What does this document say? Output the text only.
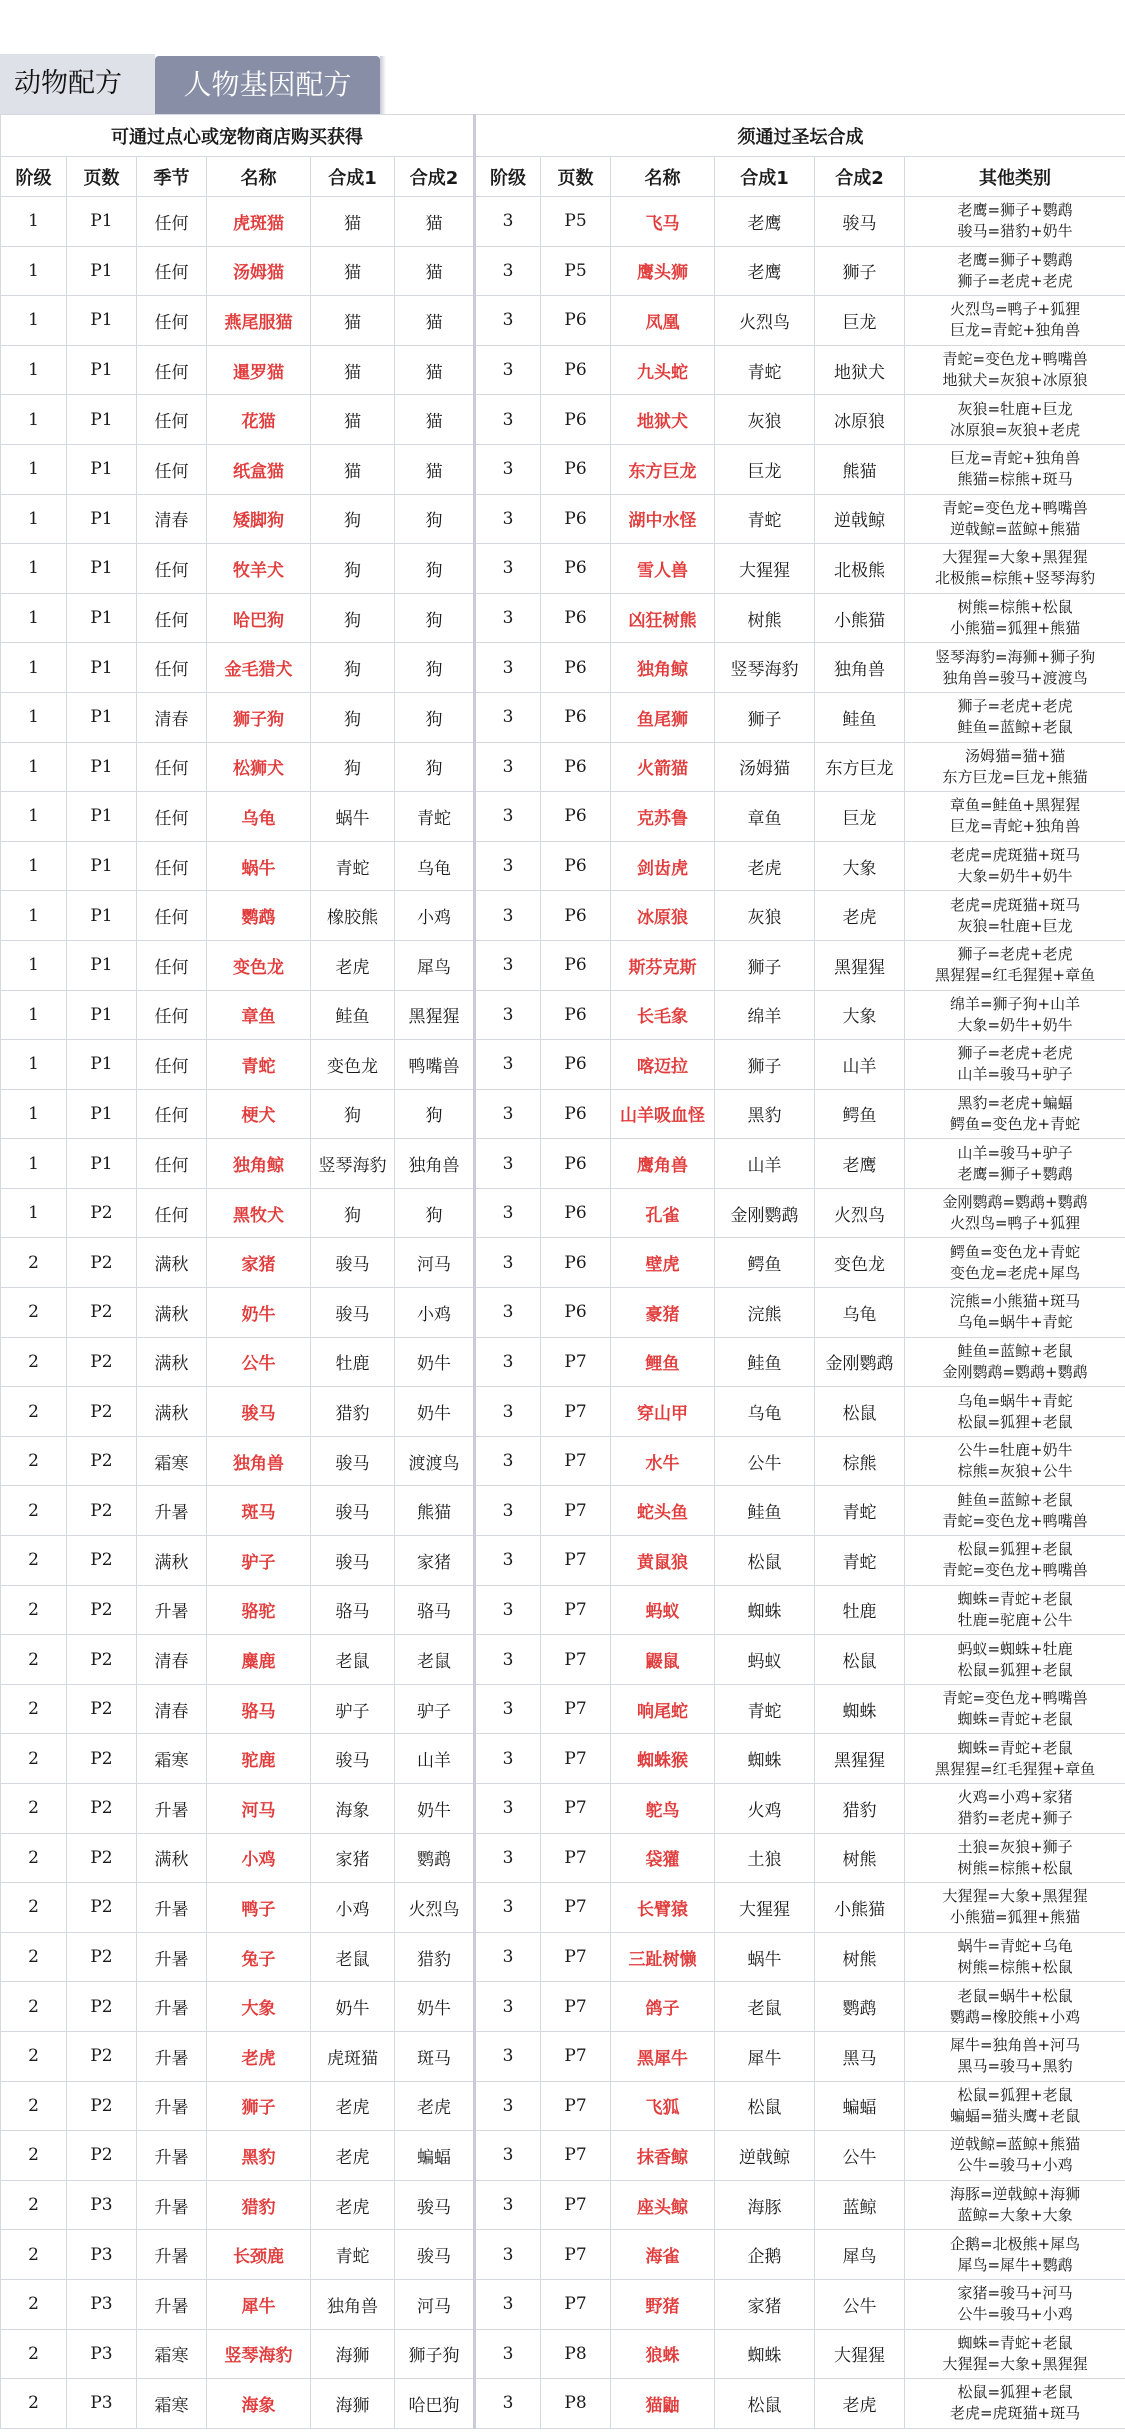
动物配方	人物基因配方
可通过点心或宠物商店购买获得						须通过圣坛合成					
阶级	页数	季节	名称	合成1	合成2	阶级	页数	名称	合成1	合成2	其他类别
1	P1	任何	虎斑猫	猫	猫	3	P5	飞马	老鹰	骏马	老鹰=狮子+鹦鹉
骏马=猎豹+奶牛

1	P1	任何	汤姆猫	猫	猫	3	P5	鹰头狮	老鹰	狮子	老鹰=狮子+鹦鹉
狮子=老虎+老虎

1	P1	任何	燕尾服猫	猫	猫	3	P6	凤凰	火烈鸟	巨龙	火烈鸟=鸭子+狐狸
巨龙=青蛇+独角兽

1	P1	任何	暹罗猫	猫	猫	3	P6	九头蛇	青蛇	地狱犬	青蛇=变色龙+鸭嘴兽
地狱犬=灰狼+冰原狼

1	P1	任何	花猫	猫	猫	3	P6	地狱犬	灰狼	冰原狼	灰狼=牡鹿+巨龙
冰原狼=灰狼+老虎

1	P1	任何	纸盒猫	猫	猫	3	P6	东方巨龙	巨龙	熊猫	巨龙=青蛇+独角兽
熊猫=棕熊+斑马

1	P1	清春	矮脚狗	狗	狗	3	P6	湖中水怪	青蛇	逆戟鲸	青蛇=变色龙+鸭嘴兽
逆戟鲸=蓝鲸+熊猫

1	P1	任何	牧羊犬	狗	狗	3	P6	雪人兽	大猩猩	北极熊	大猩猩=大象+黑猩猩
北极熊=棕熊+竖琴海豹

1	P1	任何	哈巴狗	狗	狗	3	P6	凶狂树熊	树熊	小熊猫	树熊=棕熊+松鼠
小熊猫=狐狸+熊猫

1	P1	任何	金毛猎犬	狗	狗	3	P6	独角鲸	竖琴海豹	独角兽	竖琴海豹=海狮+狮子狗
独角兽=骏马+渡渡鸟

1	P1	清春	狮子狗	狗	狗	3	P6	鱼尾狮	狮子	鲑鱼	狮子=老虎+老虎
鲑鱼=蓝鲸+老鼠

1	P1	任何	松狮犬	狗	狗	3	P6	火箭猫	汤姆猫	东方巨龙	汤姆猫=猫+猫
东方巨龙=巨龙+熊猫

1	P1	任何	乌龟	蜗牛	青蛇	3	P6	克苏鲁	章鱼	巨龙	章鱼=鲑鱼+黑猩猩
巨龙=青蛇+独角兽

1	P1	任何	蜗牛	青蛇	乌龟	3	P6	剑齿虎	老虎	大象	老虎=虎斑猫+斑马
大象=奶牛+奶牛

1	P1	任何	鹦鹉	橡胶熊	小鸡	3	P6	冰原狼	灰狼	老虎	老虎=虎斑猫+斑马
灰狼=牡鹿+巨龙

1	P1	任何	变色龙	老虎	犀鸟	3	P6	斯芬克斯	狮子	黑猩猩	狮子=老虎+老虎
黑猩猩=红毛猩猩+章鱼

1	P1	任何	章鱼	鲑鱼	黑猩猩	3	P6	长毛象	绵羊	大象	绵羊=狮子狗+山羊
大象=奶牛+奶牛

1	P1	任何	青蛇	变色龙	鸭嘴兽	3	P6	喀迈拉	狮子	山羊	狮子=老虎+老虎
山羊=骏马+驴子

1	P1	任何	梗犬	狗	狗	3	P6	山羊吸血怪	黑豹	鳄鱼	黑豹=老虎+蝙蝠
鳄鱼=变色龙+青蛇

1	P1	任何	独角鲸	竖琴海豹	独角兽	3	P6	鹰角兽	山羊	老鹰	山羊=骏马+驴子
老鹰=狮子+鹦鹉

1	P2	任何	黑牧犬	狗	狗	3	P6	孔雀	金刚鹦鹉	火烈鸟	金刚鹦鹉=鹦鹉+鹦鹉
火烈鸟=鸭子+狐狸

2	P2	满秋	家猪	骏马	河马	3	P6	壁虎	鳄鱼	变色龙	鳄鱼=变色龙+青蛇
变色龙=老虎+犀鸟

2	P2	满秋	奶牛	骏马	小鸡	3	P6	豪猪	浣熊	乌龟	浣熊=小熊猫+斑马
乌龟=蜗牛+青蛇

2	P2	满秋	公牛	牡鹿	奶牛	3	P7	鲤鱼	鲑鱼	金刚鹦鹉	鲑鱼=蓝鲸+老鼠
金刚鹦鹉=鹦鹉+鹦鹉

2	P2	满秋	骏马	猎豹	奶牛	3	P7	穿山甲	乌龟	松鼠	乌龟=蜗牛+青蛇
松鼠=狐狸+老鼠

2	P2	霜寒	独角兽	骏马	渡渡鸟	3	P7	水牛	公牛	棕熊	公牛=牡鹿+奶牛
棕熊=灰狼+公牛

2	P2	升暑	斑马	骏马	熊猫	3	P7	蛇头鱼	鲑鱼	青蛇	鲑鱼=蓝鲸+老鼠
青蛇=变色龙+鸭嘴兽

2	P2	满秋	驴子	骏马	家猪	3	P7	黄鼠狼	松鼠	青蛇	松鼠=狐狸+老鼠
青蛇=变色龙+鸭嘴兽

2	P2	升暑	骆驼	骆马	骆马	3	P7	蚂蚁	蜘蛛	牡鹿	蜘蛛=青蛇+老鼠
牡鹿=驼鹿+公牛

2	P2	清春	麋鹿	老鼠	老鼠	3	P7	鼹鼠	蚂蚁	松鼠	蚂蚁=蜘蛛+牡鹿
松鼠=狐狸+老鼠

2	P2	清春	骆马	驴子	驴子	3	P7	响尾蛇	青蛇	蜘蛛	青蛇=变色龙+鸭嘴兽
蜘蛛=青蛇+老鼠

2	P2	霜寒	驼鹿	骏马	山羊	3	P7	蜘蛛猴	蜘蛛	黑猩猩	蜘蛛=青蛇+老鼠
黑猩猩=红毛猩猩+章鱼

2	P2	升暑	河马	海象	奶牛	3	P7	鸵鸟	火鸡	猎豹	火鸡=小鸡+家猪
猎豹=老虎+狮子

2	P2	满秋	小鸡	家猪	鹦鹉	3	P7	袋獾	土狼	树熊	土狼=灰狼+狮子
树熊=棕熊+松鼠

2	P2	升暑	鸭子	小鸡	火烈鸟	3	P7	长臂猿	大猩猩	小熊猫	大猩猩=大象+黑猩猩
小熊猫=狐狸+熊猫

2	P2	升暑	兔子	老鼠	猎豹	3	P7	三趾树懒	蜗牛	树熊	蜗牛=青蛇+乌龟
树熊=棕熊+松鼠

2	P2	升暑	大象	奶牛	奶牛	3	P7	鸽子	老鼠	鹦鹉	老鼠=蜗牛+松鼠
鹦鹉=橡胶熊+小鸡

2	P2	升暑	老虎	虎斑猫	斑马	3	P7	黑犀牛	犀牛	黑马	犀牛=独角兽+河马
黑马=骏马+黑豹

2	P2	升暑	狮子	老虎	老虎	3	P7	飞狐	松鼠	蝙蝠	松鼠=狐狸+老鼠
蝙蝠=猫头鹰+老鼠

2	P2	升暑	黑豹	老虎	蝙蝠	3	P7	抹香鲸	逆戟鲸	公牛	逆戟鲸=蓝鲸+熊猫
公牛=骏马+小鸡

2	P3	升暑	猎豹	老虎	骏马	3	P7	座头鲸	海豚	蓝鲸	海豚=逆戟鲸+海狮
蓝鲸=大象+大象

2	P3	升暑	长颈鹿	青蛇	骏马	3	P7	海雀	企鹅	犀鸟	企鹅=北极熊+犀鸟
犀鸟=犀牛+鹦鹉

2	P3	升暑	犀牛	独角兽	河马	3	P7	野猪	家猪	公牛	家猪=骏马+河马
公牛=骏马+小鸡

2	P3	霜寒	竖琴海豹	海狮	狮子狗	3	P8	狼蛛	蜘蛛	大猩猩	蜘蛛=青蛇+老鼠
大猩猩=大象+黑猩猩

2	P3	霜寒	海象	海狮	哈巴狗	3	P8	猫鼬	松鼠	老虎	松鼠=狐狸+老鼠
老虎=虎斑猫+斑马
